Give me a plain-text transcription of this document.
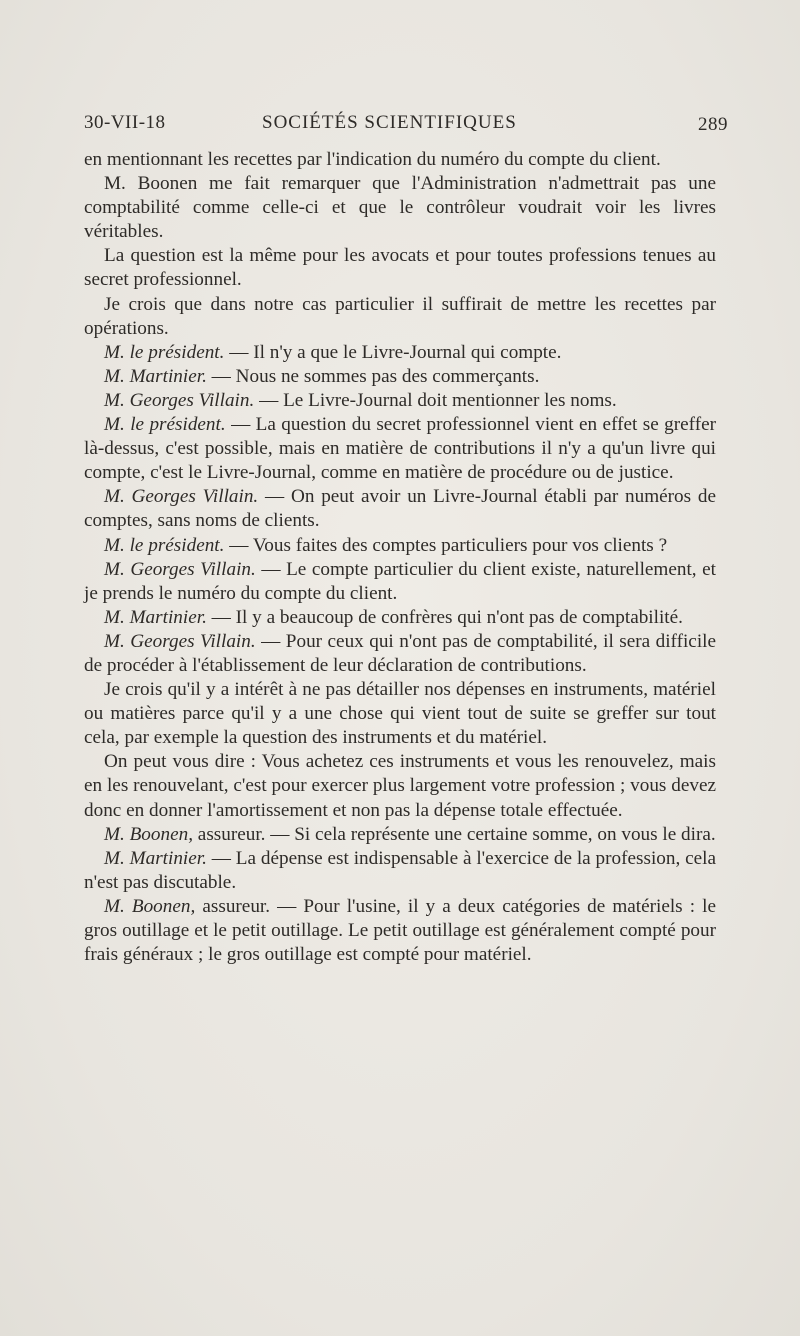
30-VII-18	SOCIÉTÉS SCIENTIFIQUES	289

en mentionnant les recettes par l'indication du numéro du compte du client.

M. Boonen me fait remarquer que l'Administration n'admettrait pas une comptabilité comme celle-ci et que le contrôleur voudrait voir les livres véritables.

La question est la même pour les avocats et pour toutes professions tenues au secret professionnel.

Je crois que dans notre cas particulier il suffirait de mettre les recettes par opérations.

M. le président. — Il n'y a que le Livre-Journal qui compte.

M. Martinier. — Nous ne sommes pas des commerçants.

M. Georges Villain. — Le Livre-Journal doit mentionner les noms.

M. le président. — La question du secret professionnel vient en effet se greffer là-dessus, c'est possible, mais en matière de contributions il n'y a qu'un livre qui compte, c'est le Livre-Journal, comme en matière de procédure ou de justice.

M. Georges Villain. — On peut avoir un Livre-Journal établi par numéros de comptes, sans noms de clients.

M. le président. — Vous faites des comptes particuliers pour vos clients ?

M. Georges Villain. — Le compte particulier du client existe, naturellement, et je prends le numéro du compte du client.

M. Martinier. — Il y a beaucoup de confrères qui n'ont pas de comptabilité.

M. Georges Villain. — Pour ceux qui n'ont pas de comptabilité, il sera difficile de procéder à l'établissement de leur déclaration de contributions.

Je crois qu'il y a intérêt à ne pas détailler nos dépenses en instruments, matériel ou matières parce qu'il y a une chose qui vient tout de suite se greffer sur tout cela, par exemple la question des instruments et du matériel.

On peut vous dire : Vous achetez ces instruments et vous les renouvelez, mais en les renouvelant, c'est pour exercer plus largement votre profession ; vous devez donc en donner l'amortissement et non pas la dépense totale effectuée.

M. Boonen, assureur. — Si cela représente une certaine somme, on vous le dira.

M. Martinier. — La dépense est indispensable à l'exercice de la profession, cela n'est pas discutable.

M. Boonen, assureur. — Pour l'usine, il y a deux catégories de matériels : le gros outillage et le petit outillage. Le petit outillage est généralement compté pour frais généraux ; le gros outillage est compté pour matériel.
